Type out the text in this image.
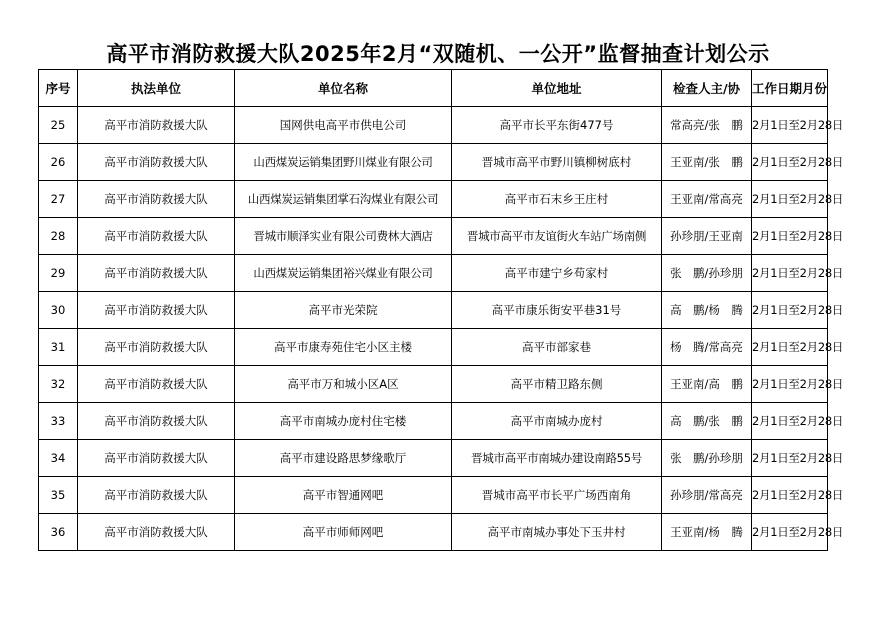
高平市消防救援大队2025年2月“双随机、一公开”监督抽查计划公示
序号	执法单位	单位名称	单位地址	检查人主/协	工作日期月份
25	高平市消防救援大队	国网供电高平市供电公司	高平市长平东街477号	常高亮/张　鹏	2月1日至2月28日
26	高平市消防救援大队	山西煤炭运销集团野川煤业有限公司	晋城市高平市野川镇柳树底村	王亚南/张　鹏	2月1日至2月28日
27	高平市消防救援大队	山西煤炭运销集团掌石沟煤业有限公司	高平市石末乡王庄村	王亚南/常高亮	2月1日至2月28日
28	高平市消防救援大队	晋城市顺泽实业有限公司费林大酒店	晋城市高平市友谊街火车站广场南侧	孙珍朋/王亚南	2月1日至2月28日
29	高平市消防救援大队	山西煤炭运销集团裕兴煤业有限公司	高平市建宁乡苟家村	张　鹏/孙珍朋	2月1日至2月28日
30	高平市消防救援大队	高平市光荣院	高平市康乐街安平巷31号	高　鹏/杨　腾	2月1日至2月28日
31	高平市消防救援大队	高平市康寿苑住宅小区主楼	高平市部家巷	杨　腾/常高亮	2月1日至2月28日
32	高平市消防救援大队	高平市万和城小区A区	高平市精卫路东侧	王亚南/高　鹏	2月1日至2月28日
33	高平市消防救援大队	高平市南城办庞村住宅楼	高平市南城办庞村	高　鹏/张　鹏	2月1日至2月28日
34	高平市消防救援大队	高平市建设路思梦缘歌厅	晋城市高平市南城办建设南路55号	张　鹏/孙珍朋	2月1日至2月28日
35	高平市消防救援大队	高平市智通网吧	晋城市高平市长平广场西南角	孙珍朋/常高亮	2月1日至2月28日
36	高平市消防救援大队	高平市师师网吧	高平市南城办事处下玉井村	王亚南/杨　腾	2月1日至2月28日
